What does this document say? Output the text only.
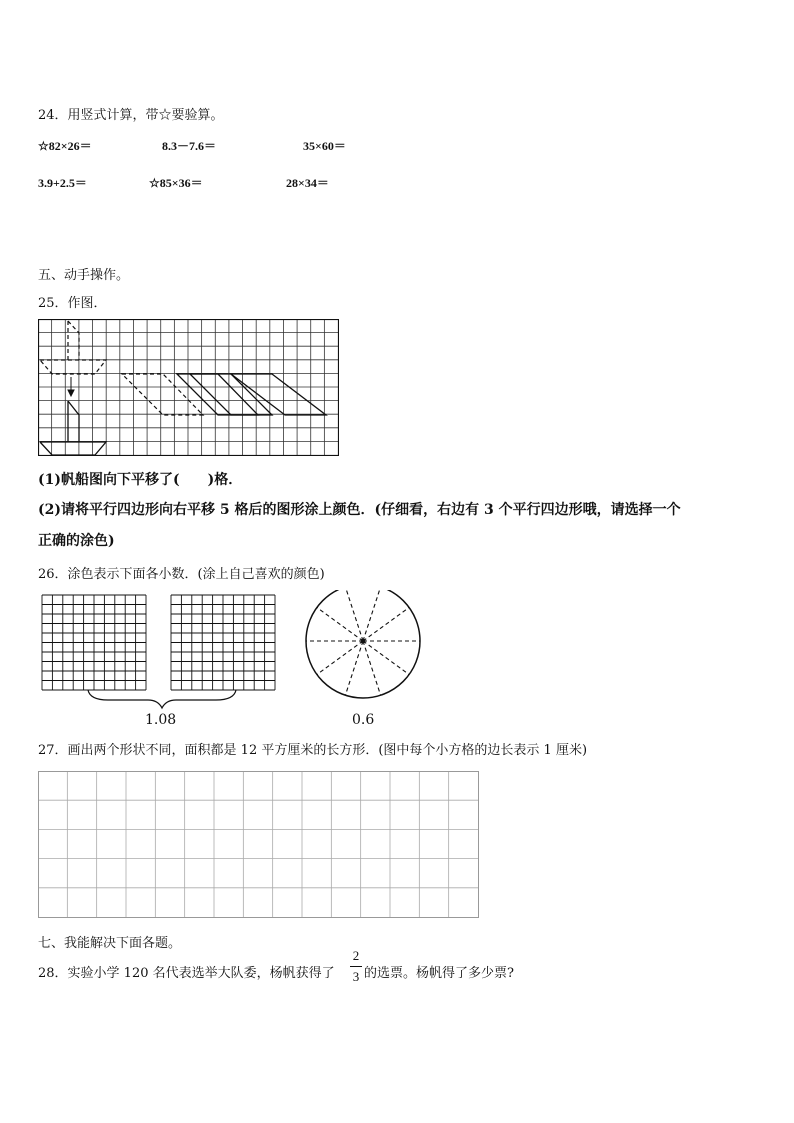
24．用竖式计算，带☆要验算。
☆82×26＝	8.3－7.6＝	35×60＝
3.9+2.5＝	☆85×36＝	28×34＝
五、动手操作。
25．作图．
(1)帆船图向下平移了(　　)格．
(2)请将平行四边形向右平移 5 格后的图形涂上颜色．(仔细看，右边有 3 个平行四边形哦，请选择一个
正确的涂色)
26．涂色表示下面各小数．(涂上自己喜欢的颜色)
1.08	0.6
27．画出两个形状不同，面积都是 12 平方厘米的长方形．(图中每个小方格的边长表示 1 厘米)
七、我能解决下面各题。
28．实验小学 120 名代表选举大队委，杨帆获得了
2
3 的选票。杨帆得了多少票?
